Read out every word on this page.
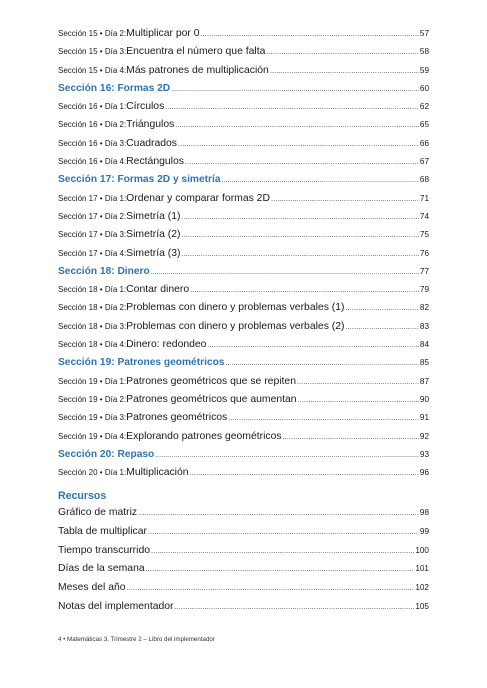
Sección 15 • Día 2: Multiplicar por 0 .....	57
Sección 15 • Día 3: Encuentra el número que falta .....	58
Sección 15 • Día 4: Más patrones de multiplicación .....	59
Sección 16: Formas 2D .....	60
Sección 16 • Día 1: Círculos .....	62
Sección 16 • Día 2: Triángulos .....	65
Sección 16 • Día 3: Cuadrados .....	66
Sección 16 • Día 4: Rectángulos .....	67
Sección 17: Formas 2D y simetría .....	68
Sección 17 • Día 1: Ordenar y comparar formas 2D .....	71
Sección 17 • Día 2: Simetría (1) .....	74
Sección 17 • Día 3: Simetría (2) .....	75
Sección 17 • Día 4: Simetría (3) .....	76
Sección 18: Dinero .....	77
Sección 18 • Día 1: Contar dinero .....	79
Sección 18 • Día 2: Problemas con dinero y problemas verbales (1) .....	82
Sección 18 • Día 3: Problemas con dinero y problemas verbales (2) .....	83
Sección 18 • Día 4: Dinero: redondeo .....	84
Sección 19: Patrones geométricos .....	85
Sección 19 • Día 1: Patrones geométricos que se repiten .....	87
Sección 19 • Día 2: Patrones geométricos que aumentan .....	90
Sección 19 • Día 3: Patrones geométricos .....	91
Sección 19 • Día 4: Explorando patrones geométricos .....	92
Sección 20: Repaso .....	93
Sección 20 • Día 1: Multiplicación .....	96
Recursos
Gráfico de matriz .....	98
Tabla de multiplicar .....	99
Tiempo transcurrido .....	100
Días de la semana .....	101
Meses del año .....	102
Notas del implementador .....	105
4 • Matemáticas 3, Trimestre 2 – Libro del implementador
